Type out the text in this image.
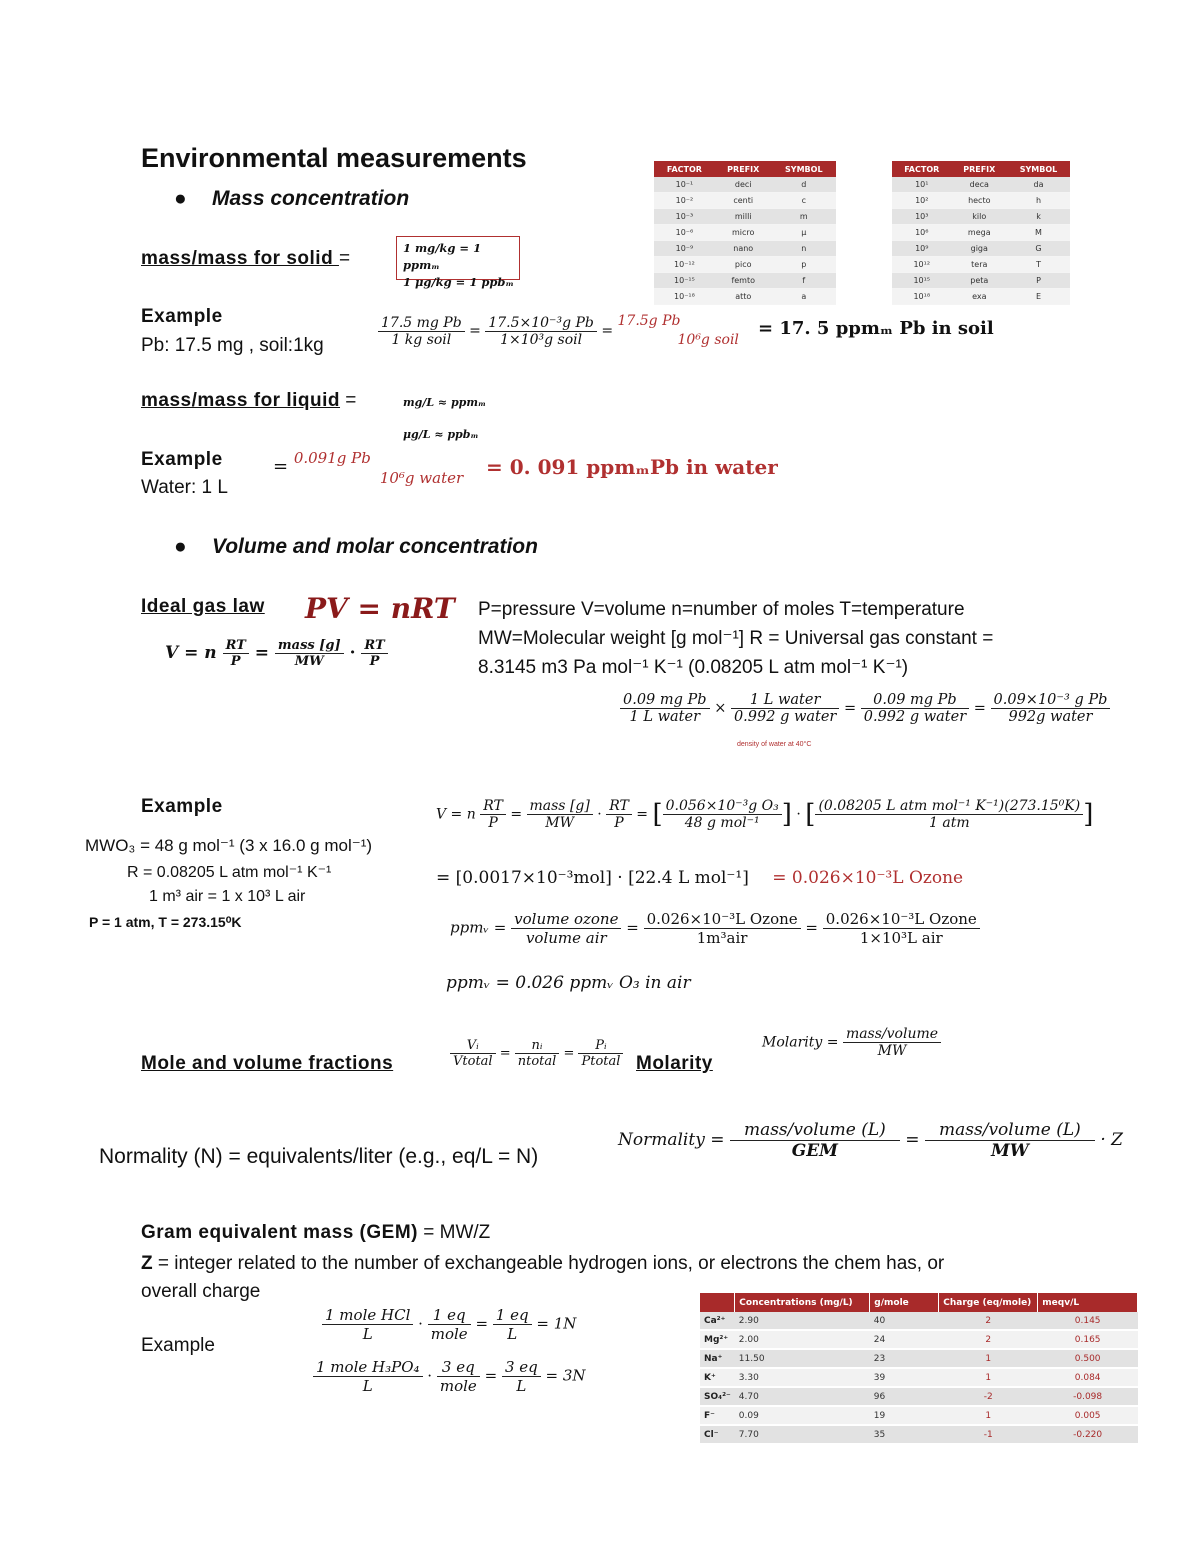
Environmental measurements
● Mass concentration
FACTOR	PREFIX	SYMBOL
10⁻¹	deci	d
10⁻²	centi	c
10⁻³	milli	m
10⁻⁶	micro	μ
10⁻⁹	nano	n
10⁻¹²	pico	p
10⁻¹⁵	femto	f
10⁻¹⁸	atto	a
FACTOR	PREFIX	SYMBOL
10¹	deca	da
10²	hecto	h
10³	kilo	k
10⁶	mega	M
10⁹	giga	G
10¹²	tera	T
10¹⁵	peta	P
10¹⁸	exa	E
mass/mass for solid =	1 mg/kg = 1 ppmₘ
1 μg/kg = 1 ppbₘ
Example
Pb: 17.5 mg , soil:1kg	$\frac{\text{17.5 mg Pb}}{\text{1 kg soil}} = \frac{\text{17.5×10⁻³g Pb}}{\text{1×10³g soil}} = 17.5g$ Pb
10⁶g soil
= 17. 5 ppmₘ Pb in soil
mass/mass for liquid =	mg/L ≈ ppmₘ
μg/L ≈ ppbₘ
Example
Water: 1 L
= 0.091g Pb
10⁶g water = 0. 091 ppmₘPb in water
● Volume and molar concentration
Ideal gas law PV = nRT
V = n $\frac{RT}{P} = \frac{\text{mass [g]}}{MW} \cdot \frac{RT}{P}$
P=pressure V=volume n=number of moles T=temperature
MW=Molecular weight [g mol⁻¹] R = Universal gas constant =
8.3145 m3 Pa mol⁻¹ K⁻¹ (0.08205 L atm mol⁻¹ K⁻¹)
$\frac{\text{0.09 mg Pb}}{\text{1 L water}} \times \frac{\text{1 L water}}{\text{0.992 g water}} = \frac{\text{0.09 mg Pb}}{\text{0.992 g water}} = \frac{\text{0.09×10⁻³ g Pb}}{\text{992g water}}$
density of water at 40°C
Example
MWO₃ = 48 g mol⁻¹ (3 x 16.0 g mol⁻¹)
R = 0.08205 L atm mol⁻¹ K⁻¹
1 m³ air = 1 x 10³ L air
P = 1 atm, T = 273.15⁰K
V = n $\frac{RT}{P} = \frac{\text{mass [g]}}{MW} \cdot \frac{RT}{P}$ = [ $\frac{\text{0.056×10⁻³g O₃}}{\text{48 g mol⁻¹}}$ ] · [ $\frac{\text{(0.08205 L atm mol⁻¹ K⁻¹)(273.15⁰K)}}{\text{1 atm}}$ ]
= [0.0017×10⁻³mol] · [22.4 L mol⁻¹] = 0.026×10⁻³L Ozone
ppmᵥ = $\frac{\text{volume ozone}}{\text{volume air}} = \frac{\text{0.026×10⁻³L Ozone}}{\text{1m³air}} = \frac{\text{0.026×10⁻³L Ozone}}{\text{1×10³L air}}$
ppmᵥ = 0.026 ppmᵥ O₃ in air
Mole and volume fractions	$\frac{\text{Vᵢ}}{\text{Vtotal}} = \frac{\text{nᵢ}}{\text{ntotal}} = \frac{\text{Pᵢ}}{\text{Ptotal}}$ Molarity
Molarity = $\frac{\text{mass/volume}}{MW}$
Normality (N) = equivalents/liter (e.g., eq/L = N)
Normality = $\frac{\text{mass/volume (L)}}{\text{GEM}} = \frac{\text{mass/volume (L)}}{MW} \cdot Z$
Gram equivalent mass (GEM) = MW/Z
Z = integer related to the number of exchangeable hydrogen ions, or electrons the chem has, or
overall charge
Example
$\frac{\text{1 mole HCl}}{L} \cdot \frac{1 eq}{\text{mole}} = \frac{1 eq}{L} = 1N$
$\frac{\text{1 mole H₃PO₄}}{L} \cdot \frac{3 eq}{\text{mole}} = \frac{3 eq}{L} = 3N$
	Concentrations (mg/L)	g/mole	Charge (eq/mole)	meqv/L
Ca²⁺	2.90	40	2	0.145
Mg²⁺	2.00	24	2	0.165
Na⁺	11.50	23	1	0.500
K⁺	3.30	39	1	0.084
SO₄²⁻	4.70	96	-2	-0.098
F⁻	0.09	19	1	0.005
Cl⁻	7.70	35	-1	-0.220
